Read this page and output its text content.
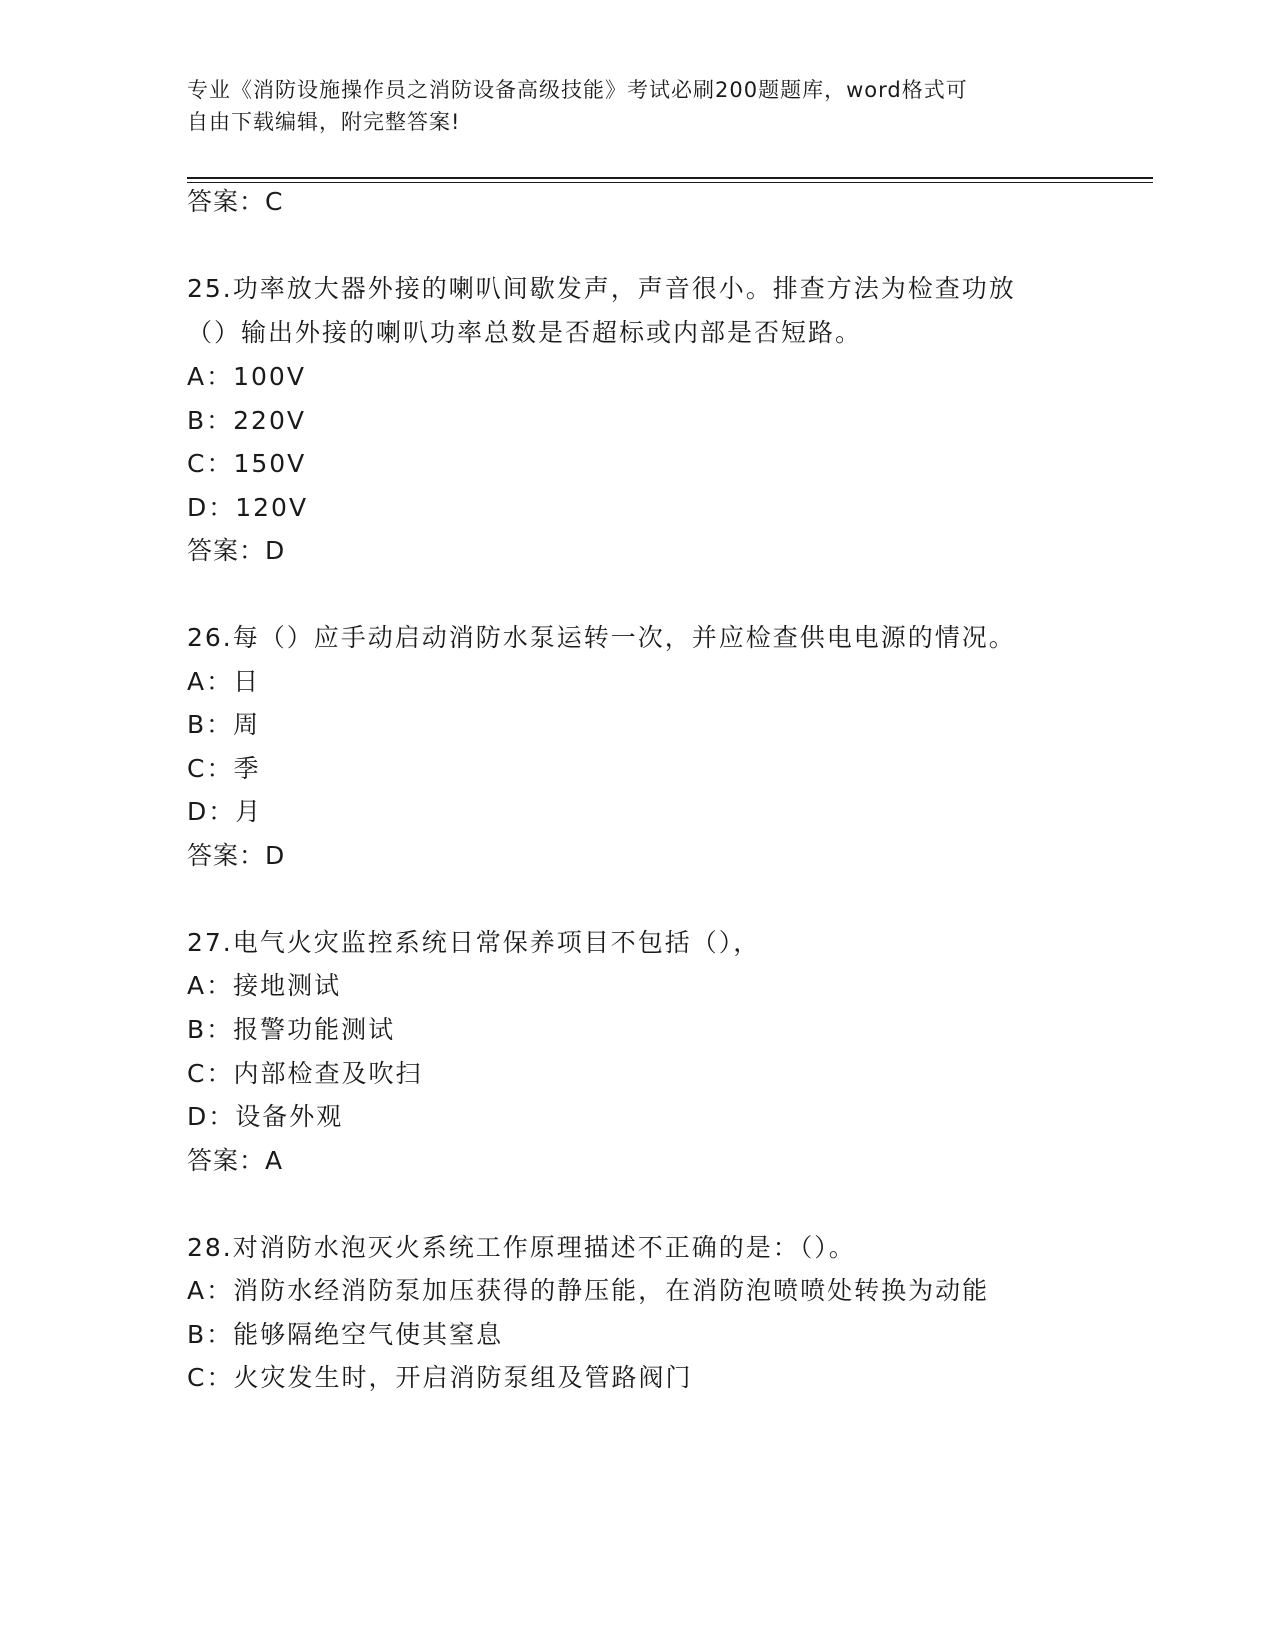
专业《消防设施操作员之消防设备高级技能》考试必刷200题题库，word格式可
自由下载编辑，附完整答案!
答案：C
25.功率放大器外接的喇叭间歇发声，声音很小。排查方法为检查功放
（）输出外接的喇叭功率总数是否超标或内部是否短路。
A：100V
B：220V
C：150V
D：120V
答案：D
26.每（）应手动启动消防水泵运转一次，并应检查供电电源的情况。
A：日
B：周
C：季
D：月
答案：D
27.电气火灾监控系统日常保养项目不包括（），
A：接地测试
B：报警功能测试
C：内部检查及吹扫
D：设备外观
答案：A
28.对消防水泡灭火系统工作原理描述不正确的是：（）。
A：消防水经消防泵加压获得的静压能，在消防泡喷喷处转换为动能
B：能够隔绝空气使其窒息
C：火灾发生时，开启消防泵组及管路阀门
